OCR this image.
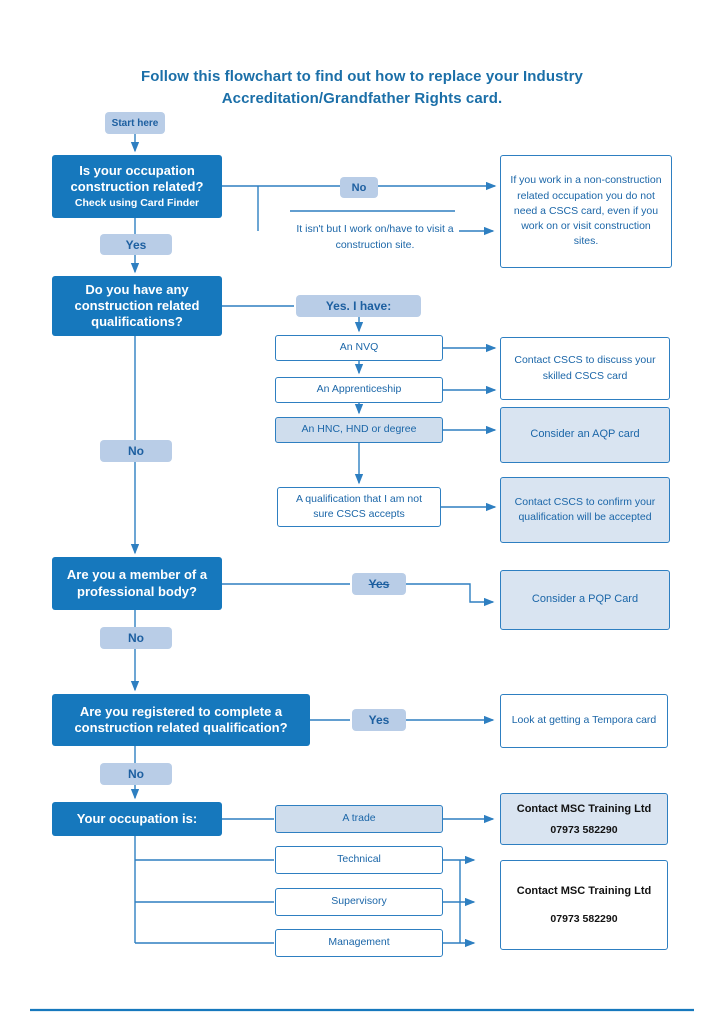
Follow this flowchart to find out how to replace your Industry Accreditation/Grandfather Rights card.
Start here
Is your occupation construction related?
Check using Card Finder
No
It isn't but I work on/have to visit a construction site.
If you work in a non-construction related occupation you do not need a CSCS card, even if you work on or visit construction sites.
Yes
Do you have any construction related qualifications?
Yes. I have:
An NVQ
An Apprenticeship
An HNC, HND or degree
A qualification that I am not sure CSCS accepts
Contact CSCS to discuss your skilled CSCS card
Consider an AQP card
Contact CSCS to confirm your qualification will be accepted
No
Are you a member of a professional body?	Yes
Consider a PQP Card
No
Are you registered to complete a construction related qualification?	Yes	Look at getting a Tempora card
No
Your occupation is:	A trade
Technical
Supervisory
Management
Contact MSC Training Ltd
07973 582290
Contact MSC Training Ltd
07973 582290
